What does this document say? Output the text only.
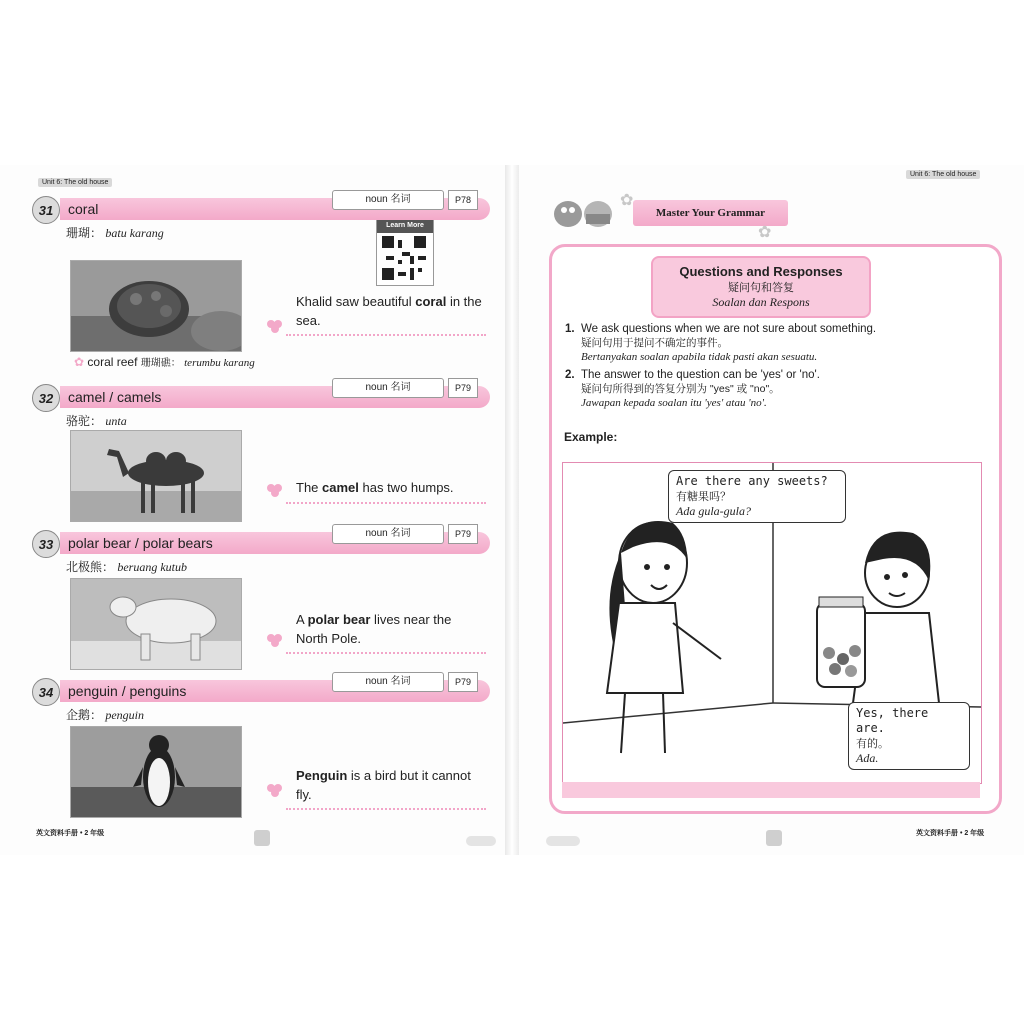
Unit 6: The old house
Learn More
coral
31
noun 名词	P78
珊瑚： batu karang
Khalid saw beautiful coral in the sea.
✿ coral reef 珊瑚礁： terumbu karang
camel / camels
32
noun 名词	P79
骆驼： unta
The camel has two humps.
polar bear / polar bears
33
noun 名词	P79
北极熊： beruang kutub
A polar bear lives near the North Pole.
penguin / penguins
34
noun 名词	P79
企鹅： penguin
Penguin is a bird but it cannot fly.
英文资料手册 • 2 年级
Unit 6: The old house
✿
Master Your Grammar
✿
Questions and Responses
疑问句和答复
Soalan dan Respons
1. We ask questions when we are not sure about something.
疑问句用于提问不确定的事件。
Bertanyakan soalan apabila tidak pasti akan sesuatu.
2. The answer to the question can be 'yes' or 'no'.
疑问句所得到的答复分别为 "yes" 或 "no"。
Jawapan kepada soalan itu 'yes' atau 'no'.
Example:
Are there any sweets?
有糖果吗？
Ada gula-gula?
Yes, there are.
有的。
Ada.
英文资料手册 • 2 年级
